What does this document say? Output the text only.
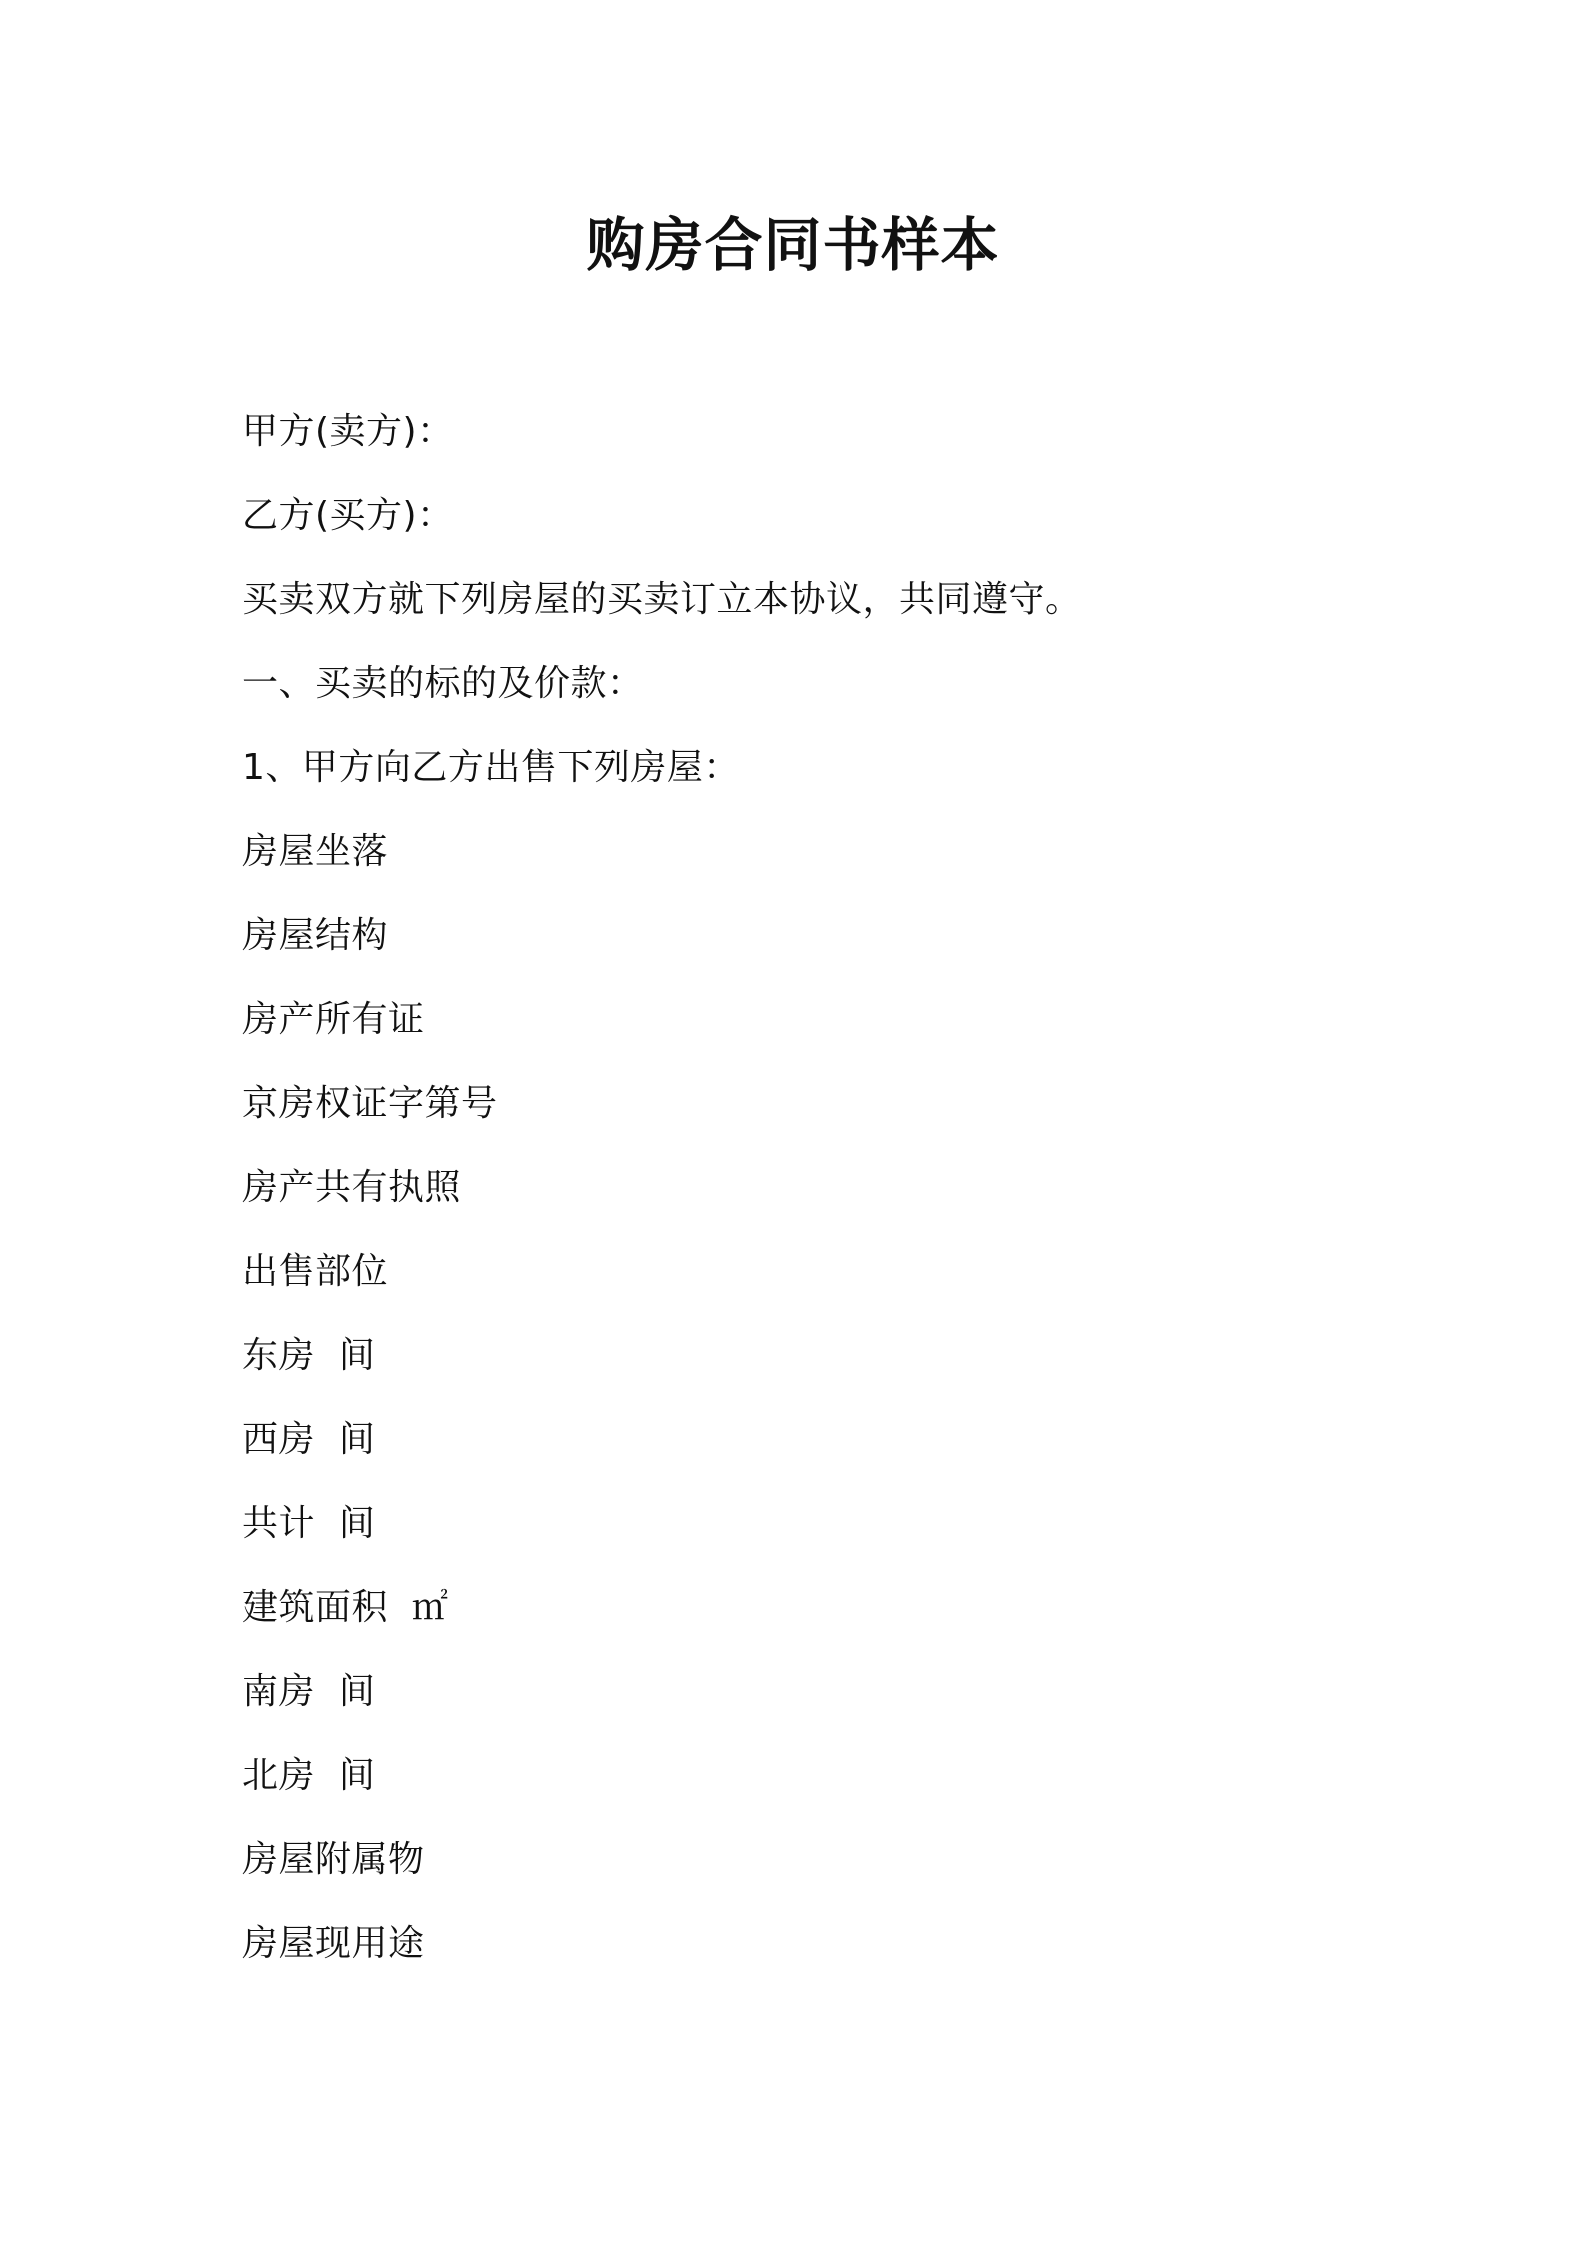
购房合同书样本
甲方(卖方)：
乙方(买方)：
买卖双方就下列房屋的买卖订立本协议，共同遵守。
一、买卖的标的及价款：
1、甲方向乙方出售下列房屋：
房屋坐落
房屋结构
房产所有证
京房权证字第号
房产共有执照
出售部位
东房  间
西房  间
共计  间
建筑面积  ㎡
南房  间
北房  间
房屋附属物
房屋现用途
